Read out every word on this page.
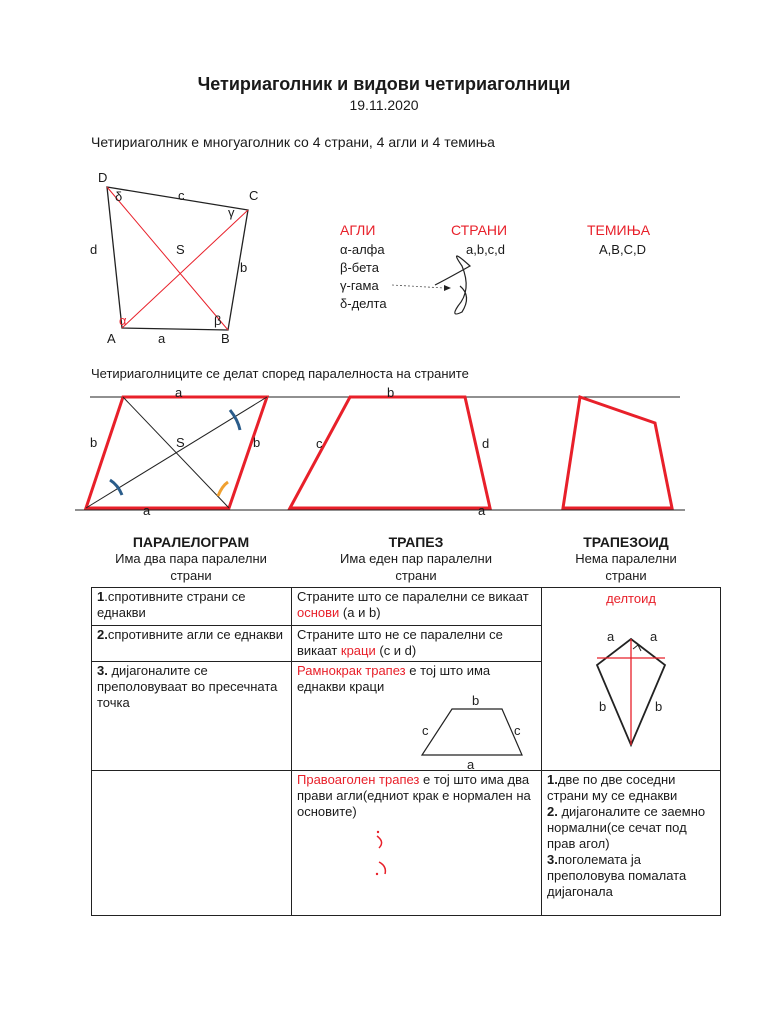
Четириаголник и видови четириаголници
19.11.2020
Четириаголник е многуаголник со 4 страни, 4 агли и 4 темиња
D
C
A	B
S
c
d
b
a
δ
γ
α	β
АГЛИ	СТРАНИ	ТЕМИЊА
α-алфа
β-бета
γ-гама
δ-делта
a,b,c,d	A,B,C,D
Четириаголниците се делат според паралелноста на страните
a
a
b	b
S
b
c	d
a
ПАРАЛЕЛОГРАМ
Има два пара паралелни
страни
ТРАПЕЗ
Има еден пар паралелни
страни
ТРАПЕЗОИД
Нема паралелни
страни
1.спротивните страни се еднакви	Страните што се паралелни се викаат основи (a и b)	делтоид
a a
b b

2.спротивните агли се еднакви	Страните што не се паралелни се викаат краци (c и d)	
3. дијагоналите се преполовуваат во пресечната точка	Рамнокрак трапез е тој што има еднакви краци
b
c c
a	

	Правоаголен трапез е тој што има два прави агли(едниот крак е нормален на основите)	1.две по две соседни страни му се еднакви
2. дијагоналите се заемно нормални(се сечат под прав агол)
3.поголемата ја преполовува помалата дијагонала
